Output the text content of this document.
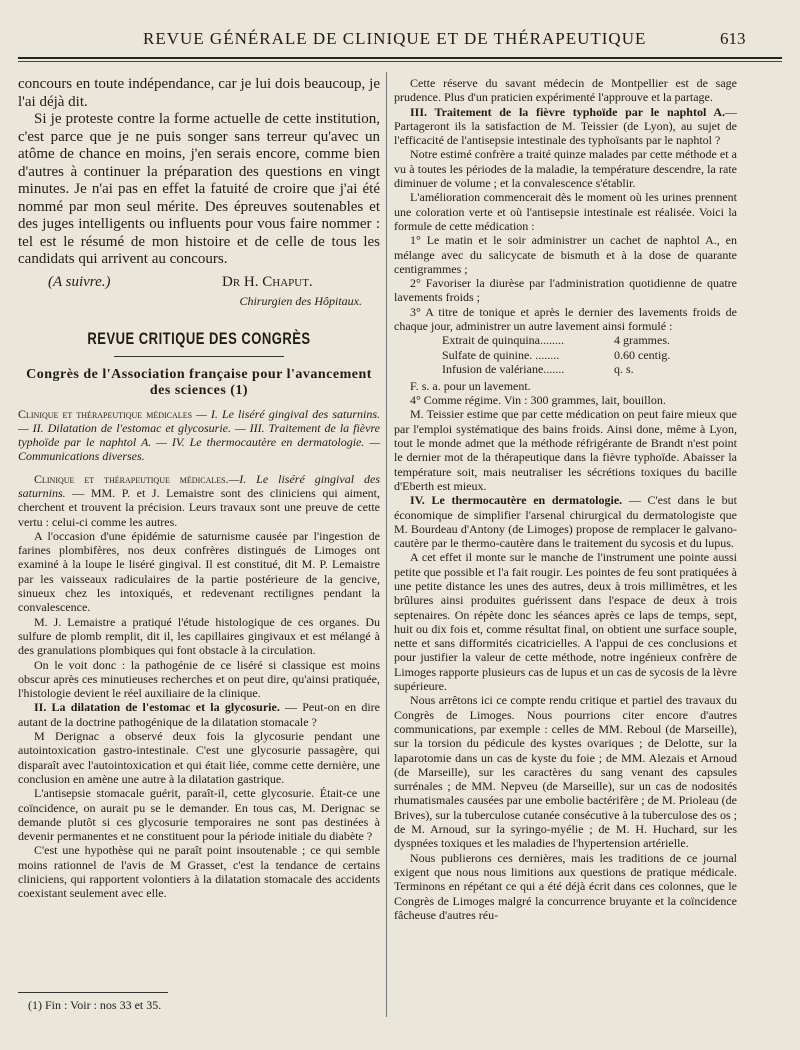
REVUE GÉNÉRALE DE CLINIQUE ET DE THÉRAPEUTIQUE	613

concours en toute indépendance, car je lui dois beaucoup, je l'ai déjà dit.

Si je proteste contre la forme actuelle de cette institution, c'est parce que je ne puis songer sans terreur qu'avec un atôme de chance en moins, j'en serais encore, comme bien d'autres à continuer la préparation des questions en vingt minutes. Je n'ai pas en effet la fatuité de croire que j'ai été nommé par mon seul mérite. Des épreuves soutenables et des juges intelligents ou influents pour vous faire nommer : tel est le résumé de mon histoire et de celle de tous les candidats qui arrivent au concours.

(A suivre.)	Dr H. Chaput.
Chirurgien des Hôpitaux.
REVUE CRITIQUE DES CONGRÈS
Congrès de l'Association française pour l'avancement des sciences (1)

Clinique et thérapeutique médicales — I. Le liséré gingival des saturnins. — II. Dilatation de l'estomac et glycosurie. — III. Traitement de la fièvre typhoïde par le naphtol A. — IV. Le thermocautère en dermatologie. — Communications diverses.

Clinique et thérapeutique médicales.—I. Le liséré gingival des saturnins. — MM. P. et J. Lemaistre sont des cliniciens qui aiment, cherchent et trouvent la précision. Leurs travaux sont une preuve de cette vertu : celui-ci comme les autres.

A l'occasion d'une épidémie de saturnisme causée par l'ingestion de farines plombifères, nos deux confrères distingués de Limoges ont examiné à la loupe le liséré gingival. Il est constitué, dit M. P. Lemaistre par les vaisseaux radiculaires de la partie postérieure de la gencive, sinueux chez les intoxiqués, et redevenant rectilignes pendant la convalescence.

M. J. Lemaistre a pratiqué l'étude histologique de ces organes. Du sulfure de plomb remplit, dit il, les capillaires gingivaux et est mélangé à des granulations plombiques qui font obstacle à la circulation.

On le voit donc : la pathogénie de ce liséré si classique est moins obscur après ces minutieuses recherches et on peut dire, qu'ainsi pratiquée, l'histologie devient le réel auxiliaire de la clinique.

II. La dilatation de l'estomac et la glycosurie. — Peut-on en dire autant de la doctrine pathogénique de la dilatation stomacale ?

M Derignac a observé deux fois la glycosurie pendant une autointoxication gastro-intestinale. C'est une glycosurie passagère, qui disparaît avec l'autointoxication et qui était liée, comme cette dernière, une conclusion en amène une autre à la dilatation gastrique.

L'antisepsie stomacale guérit, paraît-il, cette glycosurie. Était-ce une coïncidence, on aurait pu se le demander. En tous cas, M. Derignac se demande plutôt si ces glycosurie temporaires ne sont pas destinées à devenir permanentes et ne constituent pour la période initiale du diabète ?

C'est une hypothèse qui ne paraît point insoutenable ; ce qui semble moins rationnel de l'avis de M Grasset, c'est la tendance de certains cliniciens, qui rapportent volontiers à la dilatation stomacale des accidents coexistant seulement avec elle.

(1) Fin : Voir : nos 33 et 35.

Cette réserve du savant médecin de Montpellier est de sage prudence. Plus d'un praticien expérimenté l'approuve et la partage.

III. Traitement de la fièvre typhoïde par le naphtol A.— Partageront ils la satisfaction de M. Teissier (de Lyon), au sujet de l'efficacité de l'antisepsie intestinale des typhoïsants par le naphtol ?

Notre estimé confrère a traité quinze malades par cette méthode et a vu à toutes les périodes de la maladie, la température descendre, la rate diminuer de volume ; et la convalescence s'établir.

L'amélioration commencerait dès le moment où les urines prennent une coloration verte et où l'antisepsie intestinale est réalisée. Voici la formule de cette médication :

1° Le matin et le soir administrer un cachet de naphtol A., en mélange avec du salicycate de bismuth et à la dose de quarante centigrammes ;

2° Favoriser la diurèse par l'administration quotidienne de quatre lavements froids ;

3° A titre de tonique et après le dernier des lavements froids de chaque jour, administrer un autre lavement ainsi formulé :

Extrait de quinquina........	4 grammes.
Sulfate de quinine. ........	0.60 centig.
Infusion de valériane.......	q. s.

F. s. a. pour un lavement.

4° Comme régime. Vin : 300 grammes, lait, bouillon.

M. Teissier estime que par cette médication on peut faire mieux que par l'emploi systématique des bains froids. Ainsi done, même à Lyon, tout le monde admet que la méthode réfrigérante de Brandt n'est point le dernier mot de la thérapeutique dans la fièvre typhoïde. Abaisser la température soit, mais neutraliser les sécrétions toxiques du bacille d'Eberth est mieux.

IV. Le thermocautère en dermatologie. — C'est dans le but économique de simplifier l'arsenal chirurgical du dermatologiste que M. Bourdeau d'Antony (de Limoges) propose de remplacer le galvano-cautère par le thermo-cautère dans le traitement du sycosis et du lupus.

A cet effet il monte sur le manche de l'instrument une pointe aussi petite que possible et l'a fait rougir. Les pointes de feu sont pratiquées à une petite distance les unes des autres, deux à trois millimètres, et les brûlures ainsi produites guérissent dans l'espace de deux à trois septenaires. On répète donc les séances après ce laps de temps, sept, huit ou dix fois et, comme résultat final, on obtient une surface souple, nette et sans difformités cicatricielles. A l'appui de ces conclusions et pour justifier la valeur de cette méthode, notre ingénieux confrère de Limoges rapporte plusieurs cas de lupus et un cas de sycosis de la lèvre supérieure.

Nous arrêtons ici ce compte rendu critique et partiel des travaux du Congrès de Limoges. Nous pourrions citer encore d'autres communications, par exemple : celles de MM. Reboul (de Marseille), sur la torsion du pédicule des kystes ovariques ; de Delotte, sur la laparotomie dans un cas de kyste du foie ; de MM. Alezais et Arnoud (de Marseille), sur les caractères du sang venant des capsules surrénales ; de MM. Nepveu (de Marseille), sur un cas de nodosités rhumatismales causées par une embolie bactérifère ; de M. Prioleau (de Brives), sur la tuberculose cutanée consécutive à la tuberculose des os ; de M. Arnoud, sur la syringo-myélie ; de M. H. Huchard, sur les dyspnées toxiques et les maladies de l'hypertension artérielle.

Nous publierons ces dernières, mais les traditions de ce journal exigent que nous nous limitions aux questions de pratique médicale. Terminons en répétant ce qui a été déjà écrit dans ces colonnes, que le Congrès de Limoges malgré la concurrence bruyante et la coïncidence fâcheuse d'autres réu-
